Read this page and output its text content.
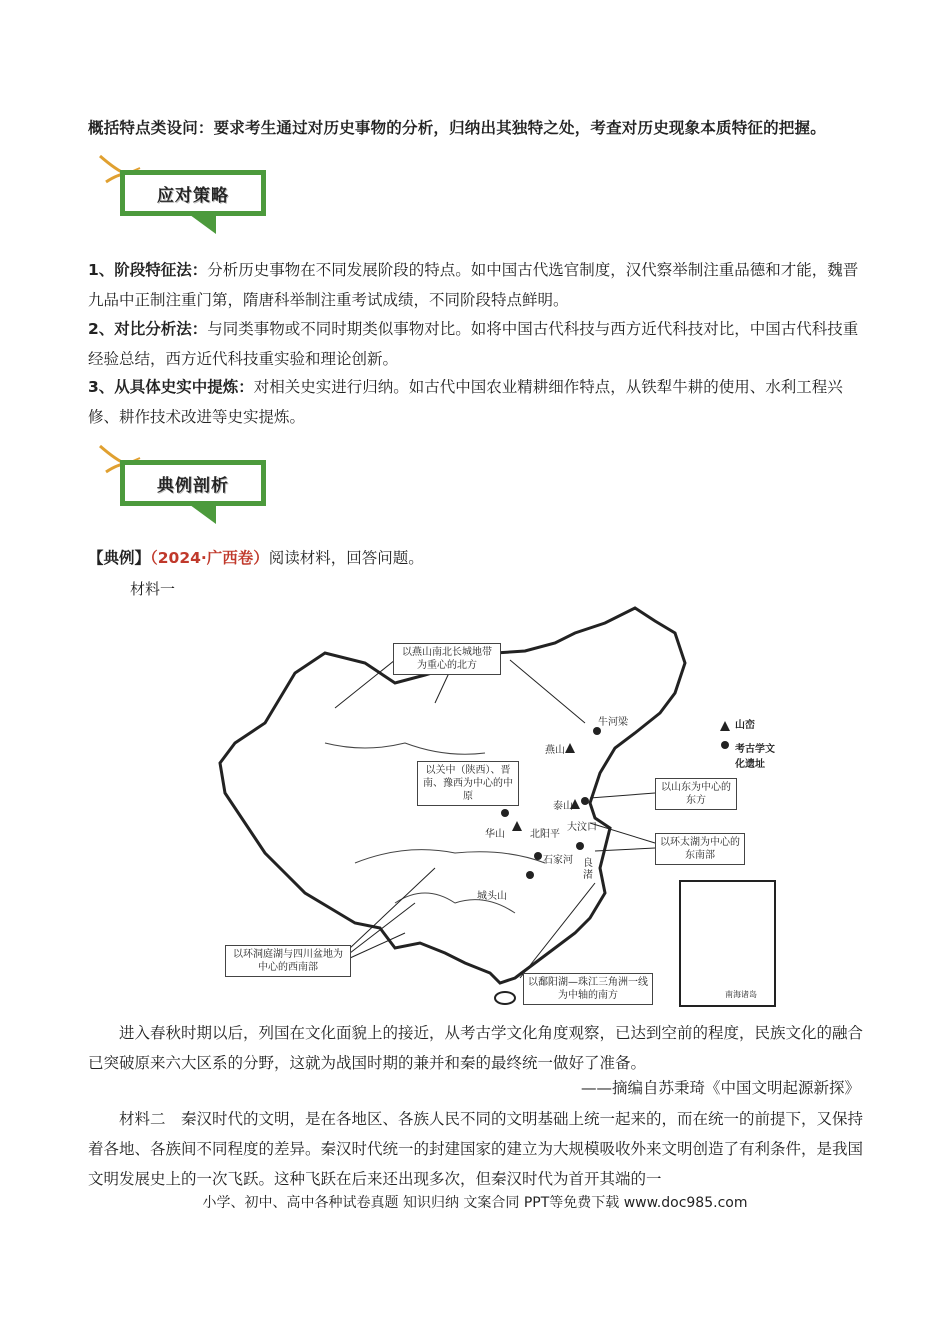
概括特点类设问：要求考生通过对历史事物的分析，归纳出其独特之处，考查对历史现象本质特征的把握。
应对策略
1、阶段特征法：分析历史事物在不同发展阶段的特点。如中国古代选官制度，汉代察举制注重品德和才能，魏晋九品中正制注重门第，隋唐科举制注重考试成绩，不同阶段特点鲜明。
2、对比分析法：与同类事物或不同时期类似事物对比。如将中国古代科技与西方近代科技对比，中国古代科技重经验总结，西方近代科技重实验和理论创新。
3、从具体史实中提炼：对相关史实进行归纳。如古代中国农业精耕细作特点，从铁犁牛耕的使用、水利工程兴修、耕作技术改进等史实提炼。
典例剖析
【典例】（2024·广西卷）阅读材料，回答问题。
材料一
以燕山南北长城地带为重心的北方
以关中（陕西）、晋南、豫西为中心的中原
以山东为中心的东方
以环太湖为中心的东南部
以环洞庭湖与四川盆地为中心的西南部
以鄱阳湖—珠江三角洲一线为中轴的南方
山峦
考古学文化遗址
牛河梁
燕山
泰山
大汶口
华山	北阳平
石家河 良渚
城头山
南海诸岛
进入春秋时期以后，列国在文化面貌上的接近，从考古学文化角度观察，已达到空前的程度，民族文化的融合已突破原来六大区系的分野，这就为战国时期的兼并和秦的最终统一做好了准备。
——摘编自苏秉琦《中国文明起源新探》
材料二　秦汉时代的文明，是在各地区、各族人民不同的文明基础上统一起来的，而在统一的前提下，又保持着各地、各族间不同程度的差异。秦汉时代统一的封建国家的建立为大规模吸收外来文明创造了有利条件，是我国文明发展史上的一次飞跃。这种飞跃在后来还出现多次，但秦汉时代为首开其端的一
小学、初中、高中各种试卷真题 知识归纳 文案合同 PPT等免费下载 www.doc985.com
